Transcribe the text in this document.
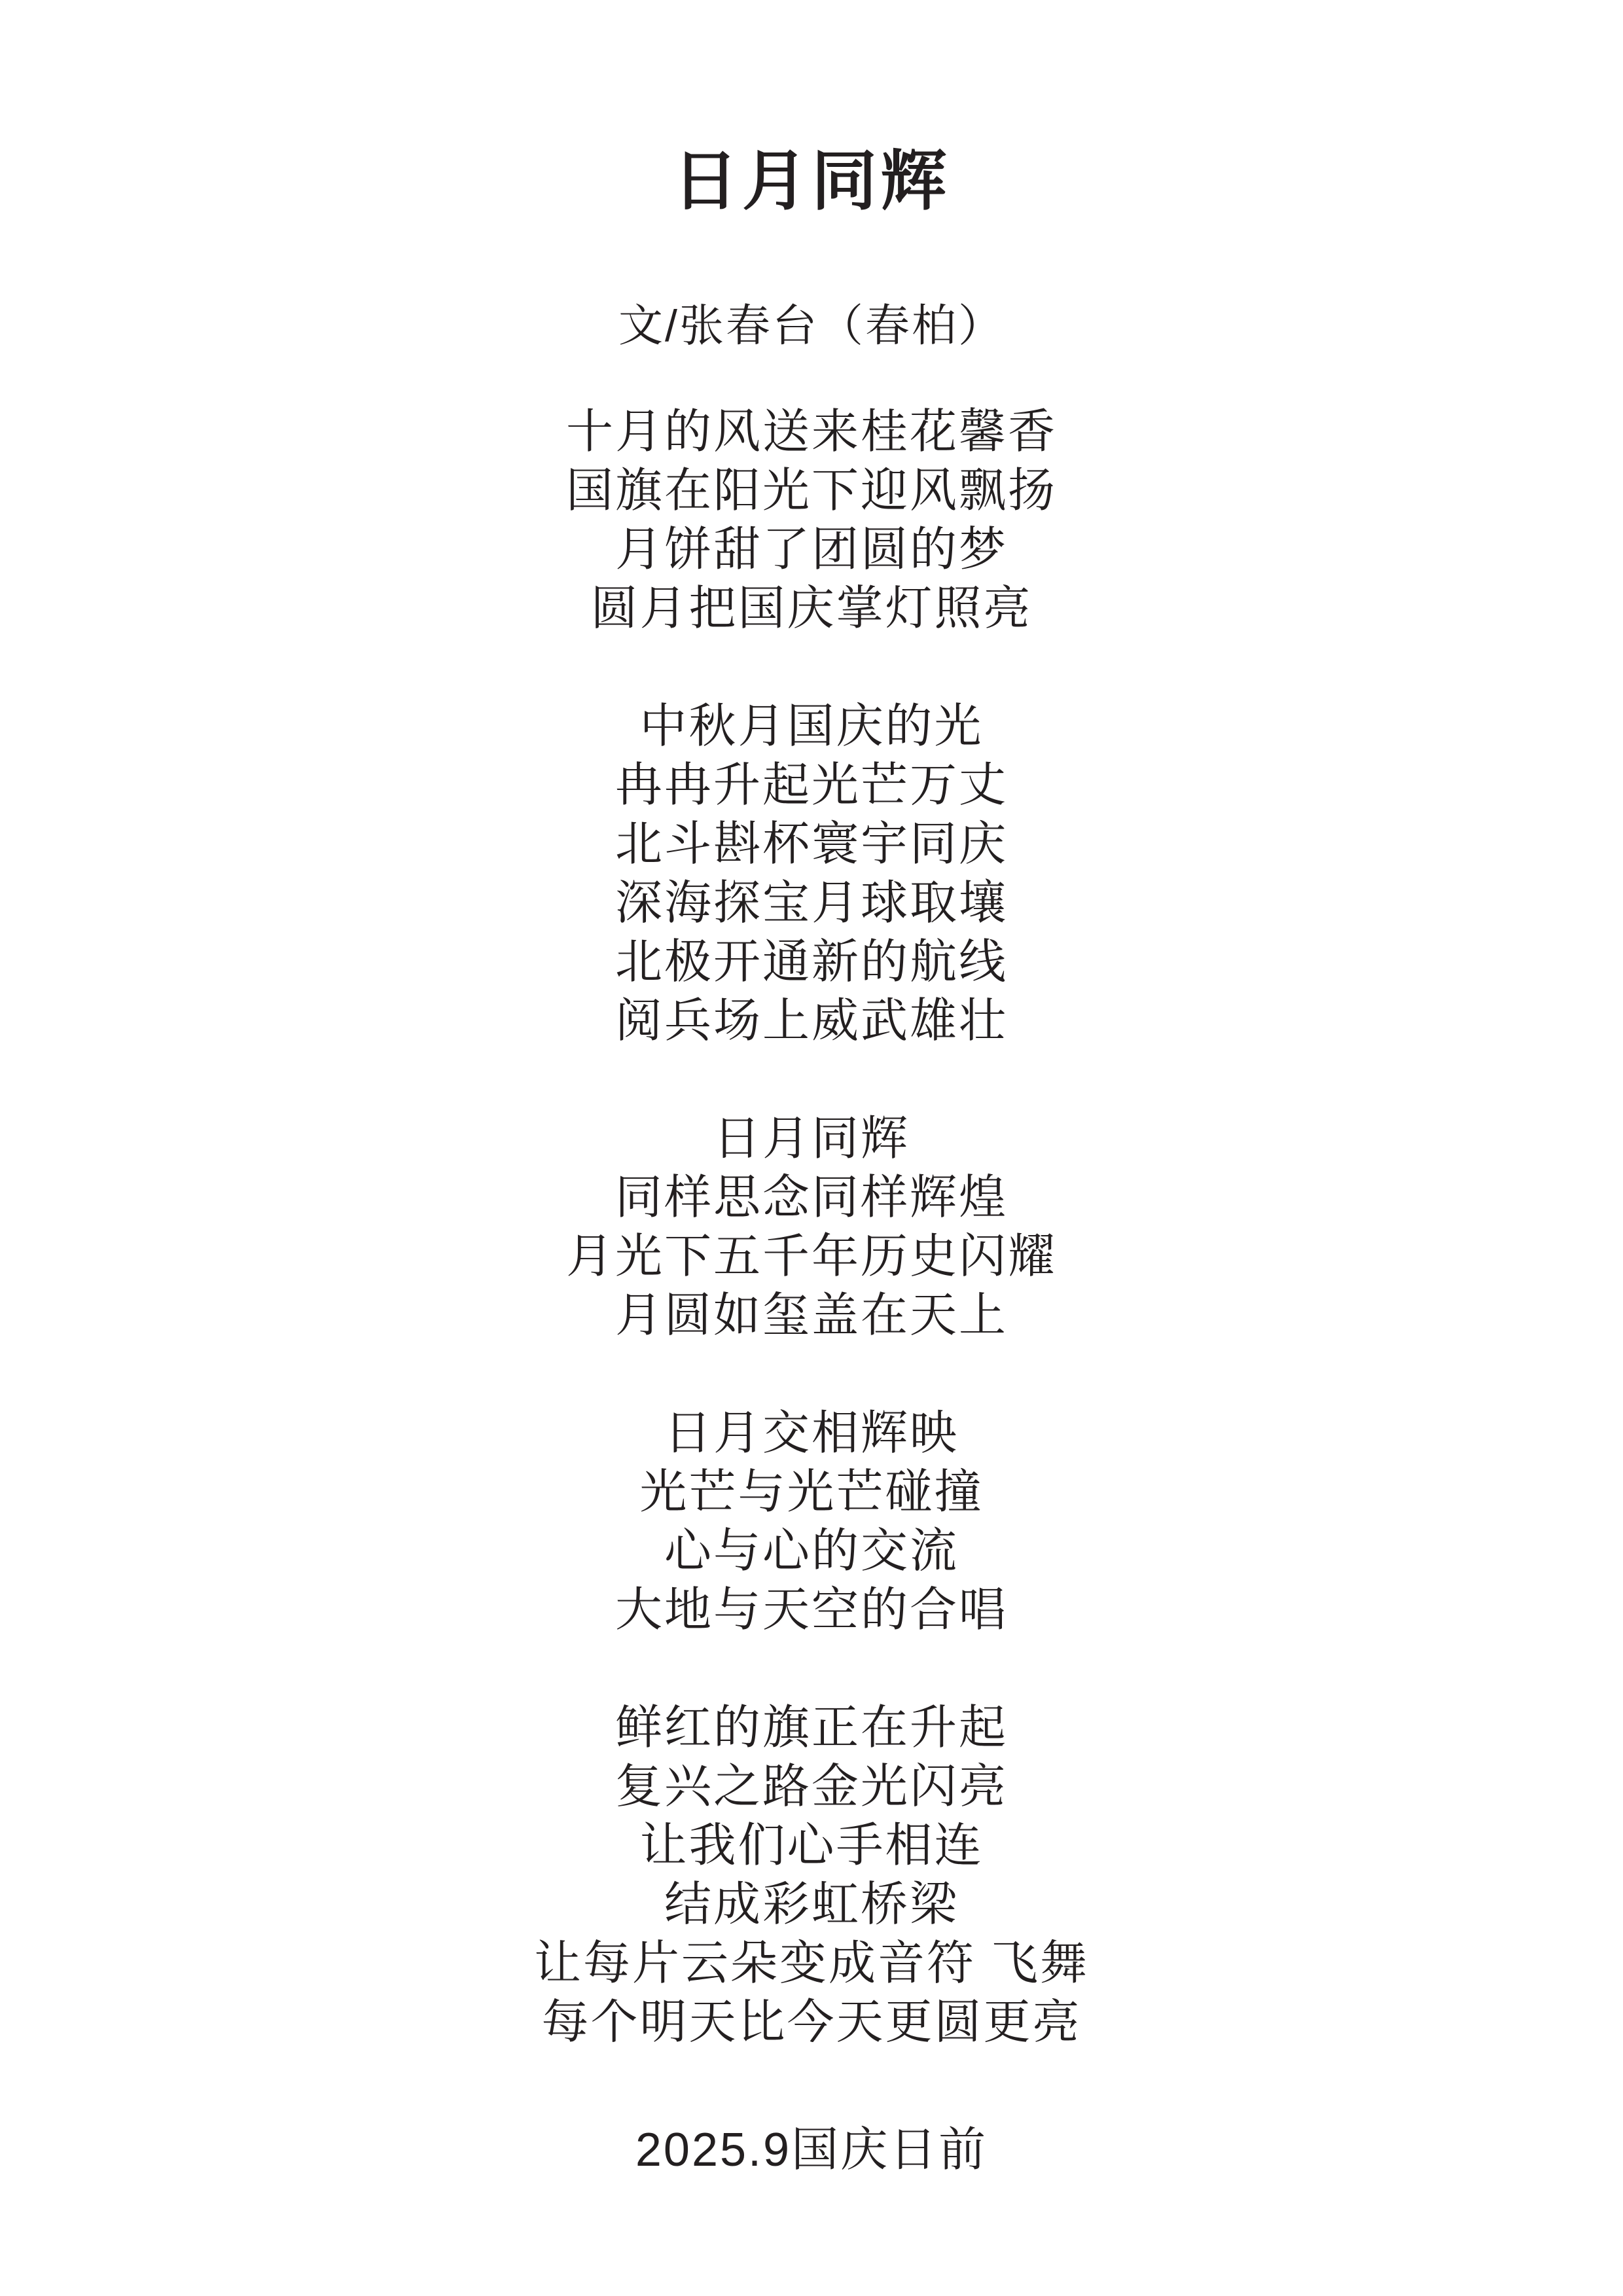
日月同辉

文/张春台（春柏）

十月的风送来桂花馨香
国旗在阳光下迎风飘扬
月饼甜了团圆的梦
圆月把国庆掌灯照亮
中秋月国庆的光
冉冉升起光芒万丈
北斗斟杯寰宇同庆
深海探宝月球取壤
北极开通新的航线
阅兵场上威武雄壮
日月同辉
同样思念同样辉煌
月光下五千年历史闪耀
月圆如玺盖在天上
日月交相辉映
光芒与光芒碰撞
心与心的交流
大地与天空的合唱
鲜红的旗正在升起
复兴之路金光闪亮
让我们心手相连
结成彩虹桥梁
让每片云朵变成音符 飞舞
每个明天比今天更圆更亮

2025.9国庆日前
